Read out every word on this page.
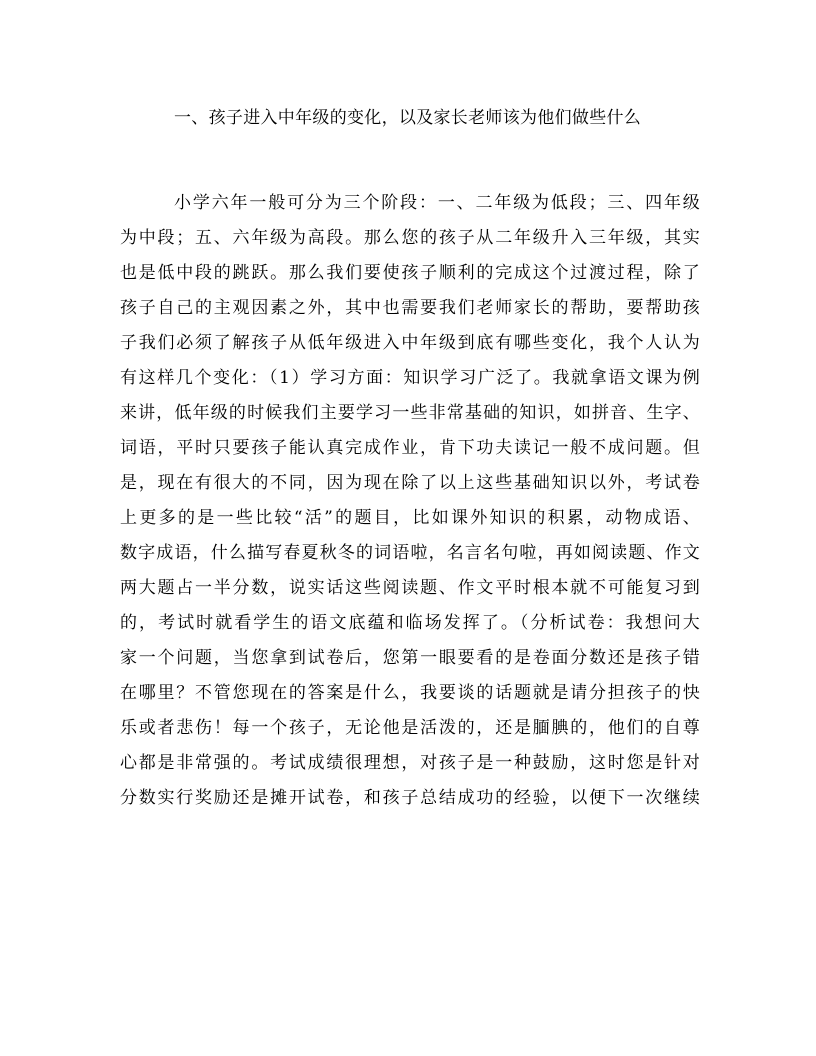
一、孩子进入中年级的变化，以及家长老师该为他们做些什么
小学六年一般可分为三个阶段：一、二年级为低段；三、四年级
为中段；五、六年级为高段。那么您的孩子从二年级升入三年级，其实
也是低中段的跳跃。那么我们要使孩子顺利的完成这个过渡过程，除了
孩子自己的主观因素之外，其中也需要我们老师家长的帮助，要帮助孩
子我们必须了解孩子从低年级进入中年级到底有哪些变化，我个人认为
有这样几个变化：（1）学习方面：知识学习广泛了。我就拿语文课为例
来讲，低年级的时候我们主要学习一些非常基础的知识，如拼音、生字、
词语，平时只要孩子能认真完成作业，肯下功夫读记一般不成问题。但
是，现在有很大的不同，因为现在除了以上这些基础知识以外，考试卷
上更多的是一些比较“活”的题目，比如课外知识的积累，动物成语、
数字成语，什么描写春夏秋冬的词语啦，名言名句啦，再如阅读题、作文
两大题占一半分数，说实话这些阅读题、作文平时根本就不可能复习到
的，考试时就看学生的语文底蕴和临场发挥了。（分析试卷：我想问大
家一个问题，当您拿到试卷后，您第一眼要看的是卷面分数还是孩子错
在哪里？不管您现在的答案是什么，我要谈的话题就是请分担孩子的快
乐或者悲伤！每一个孩子，无论他是活泼的，还是腼腆的，他们的自尊
心都是非常强的。考试成绩很理想，对孩子是一种鼓励，这时您是针对
分数实行奖励还是摊开试卷，和孩子总结成功的经验，以便下一次继续
